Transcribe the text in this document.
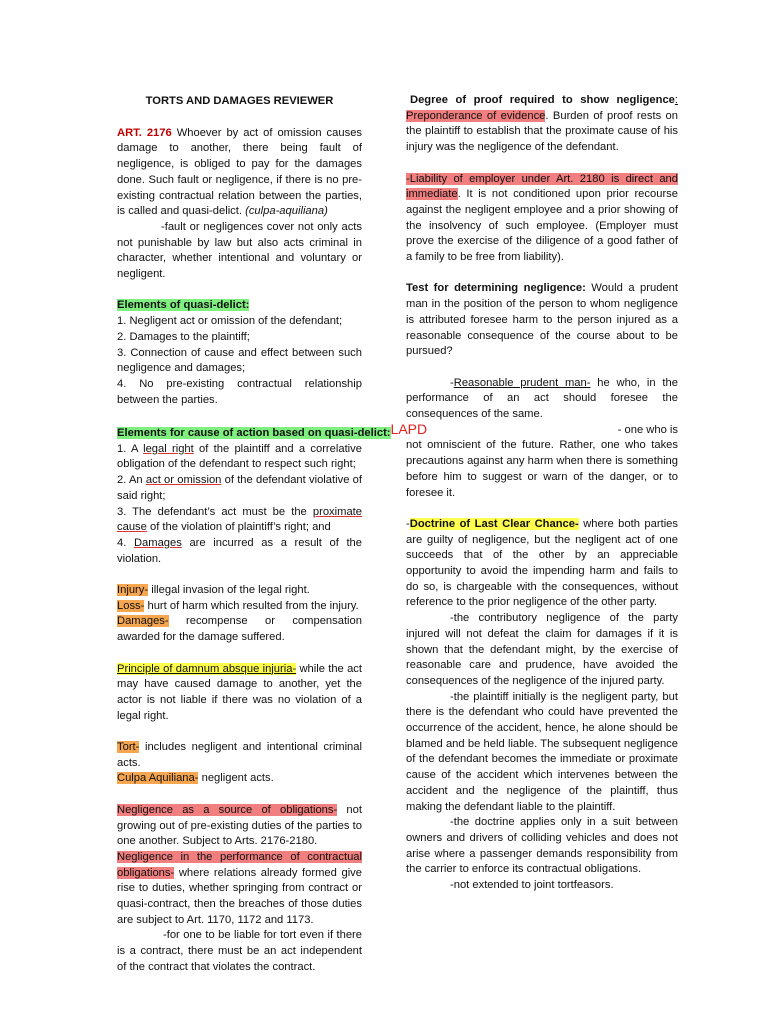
TORTS AND DAMAGES REVIEWER

ART. 2176 Whoever by act of omission causes damage to another, there being fault of negligence, is obliged to pay for the damages done. Such fault or negligence, if there is no pre-existing contractual relation between the parties, is called and quasi-delict. (culpa-aquiliana)

-fault or negligences cover not only acts not punishable by law but also acts criminal in character, whether intentional and voluntary or negligent.

Elements of quasi-delict:

1. Negligent act or omission of the defendant;

2. Damages to the plaintiff;

3. Connection of cause and effect between such negligence and damages;

4. No pre-existing contractual relationship between the parties.

Elements for cause of action based on quasi-delict:LAPD

1. A legal right of the plaintiff and a correlative obligation of the defendant to respect such right;

2. An act or omission of the defendant violative of said right;

3. The defendant’s act must be the proximate cause of the violation of plaintiff’s right; and

4. Damages are incurred as a result of the violation.

Injury- illegal invasion of the legal right.

Loss- hurt of harm which resulted from the injury.

Damages- recompense or compensation awarded for the damage suffered.

Principle of damnum absque injuria- while the act may have caused damage to another, yet the actor is not liable if there was no violation of a legal right.

Tort- includes negligent and intentional criminal acts.

Culpa Aquiliana- negligent acts.

Negligence as a source of obligations- not growing out of pre-existing duties of the parties to one another. Subject to Arts. 2176-2180.

Negligence in the performance of contractual obligations- where relations already formed give rise to duties, whether springing from contract or quasi-contract, then the breaches of those duties are subject to Art. 1170, 1172 and 1173.

-for one to be liable for tort even if there is a contract, there must be an act independent of the contract that violates the contract.

Degree of proof required to show negligence: Preponderance of evidence. Burden of proof rests on the plaintiff to establish that the proximate cause of his injury was the negligence of the defendant.

-Liability of employer under Art. 2180 is direct and immediate. It is not conditioned upon prior recourse against the negligent employee and a prior showing of the insolvency of such employee. (Employer must prove the exercise of the diligence of a good father of a family to be free from liability).

Test for determining negligence: Would a prudent man in the position of the person to whom negligence is attributed foresee harm to the person injured as a reasonable consequence of the course about to be pursued?

-Reasonable prudent man- he who, in the performance of an act should foresee the consequences of the same.

- one who is

not omniscient of the future. Rather, one who takes precautions against any harm when there is something before him to suggest or warn of the danger, or to foresee it.

-Doctrine of Last Clear Chance- where both parties are guilty of negligence, but the negligent act of one succeeds that of the other by an appreciable opportunity to avoid the impending harm and fails to do so, is chargeable with the consequences, without reference to the prior negligence of the other party.

-the contributory negligence of the party injured will not defeat the claim for damages if it is shown that the defendant might, by the exercise of reasonable care and prudence, have avoided the consequences of the negligence of the injured party.

-the plaintiff initially is the negligent party, but there is the defendant who could have prevented the occurrence of the accident, hence, he alone should be blamed and be held liable. The subsequent negligence of the defendant becomes the immediate or proximate cause of the accident which intervenes between the accident and the negligence of the plaintiff, thus making the defendant liable to the plaintiff.

-the doctrine applies only in a suit between owners and drivers of colliding vehicles and does not arise where a passenger demands responsibility from the carrier to enforce its contractual obligations.

-not extended to joint tortfeasors.
